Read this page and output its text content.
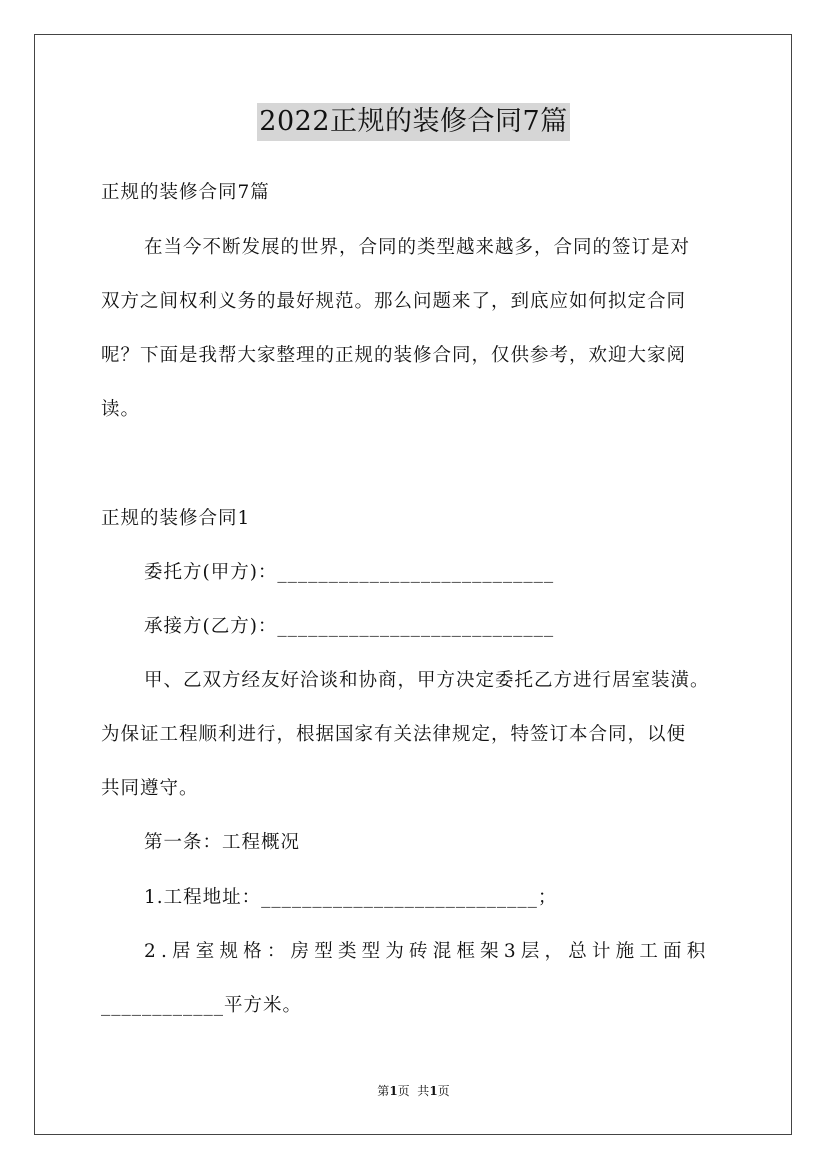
2022正规的装修合同7篇
正规的装修合同7篇
在当今不断发展的世界，合同的类型越来越多，合同的签订是对
双方之间权利义务的最好规范。那么问题来了，到底应如何拟定合同
呢？下面是我帮大家整理的正规的装修合同，仅供参考，欢迎大家阅
读。
正规的装修合同1
委托方(甲方)：___________________________
承接方(乙方)：___________________________
甲、乙双方经友好洽谈和协商，甲方决定委托乙方进行居室装潢。
为保证工程顺利进行，根据国家有关法律规定，特签订本合同，以便
共同遵守。
第一条：工程概况
1.工程地址：___________________________；
2.居室规格：房型类型为砖混框架3层，总计施工面积
____________平方米。
第1页  共1页
